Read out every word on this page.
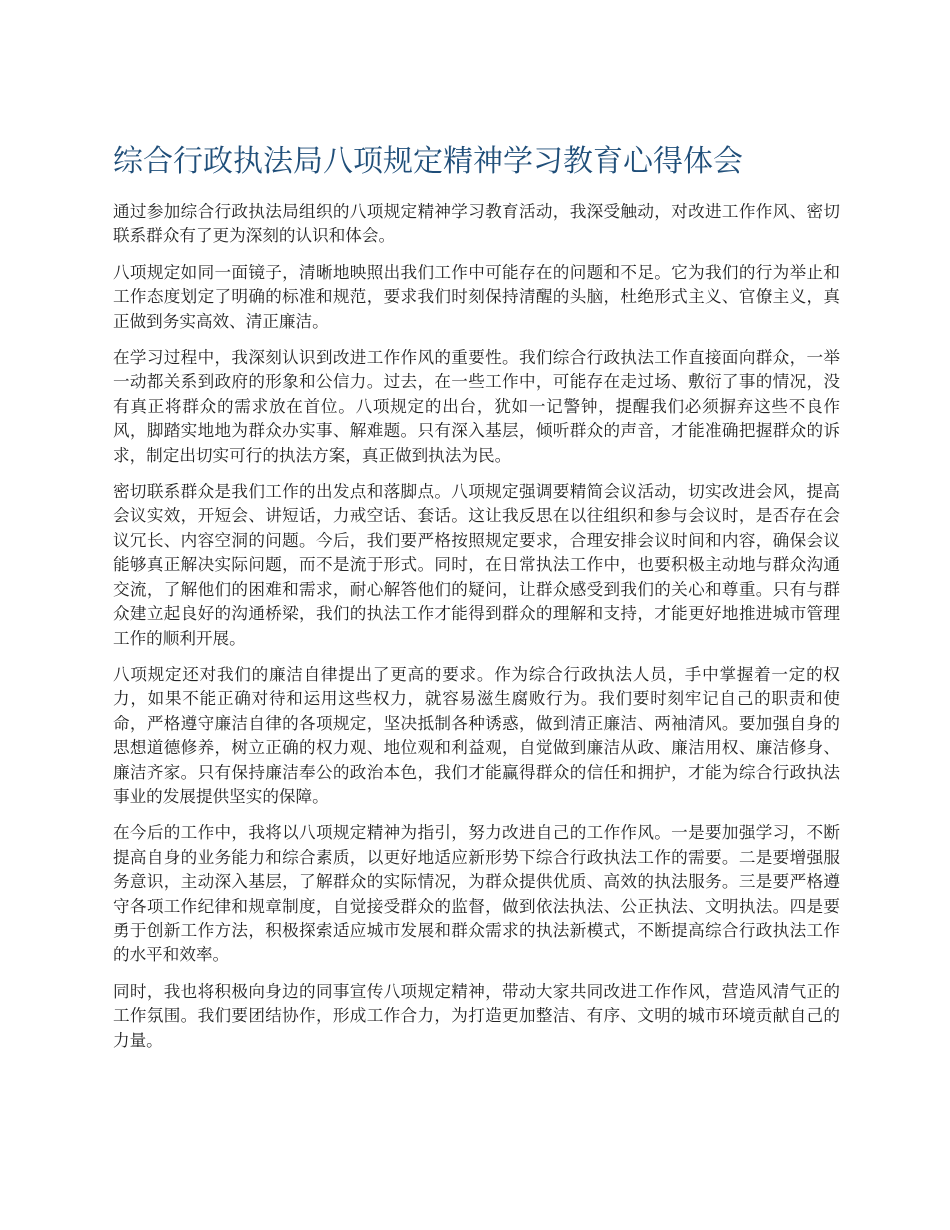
综合行政执法局八项规定精神学习教育心得体会

通过参加综合行政执法局组织的八项规定精神学习教育活动，我深受触动，对改进工作作风、密切联系群众有了更为深刻的认识和体会。

八项规定如同一面镜子，清晰地映照出我们工作中可能存在的问题和不足。它为我们的行为举止和工作态度划定了明确的标准和规范，要求我们时刻保持清醒的头脑，杜绝形式主义、官僚主义，真正做到务实高效、清正廉洁。

在学习过程中，我深刻认识到改进工作作风的重要性。我们综合行政执法工作直接面向群众，一举一动都关系到政府的形象和公信力。过去，在一些工作中，可能存在走过场、敷衍了事的情况，没有真正将群众的需求放在首位。八项规定的出台，犹如一记警钟，提醒我们必须摒弃这些不良作风，脚踏实地地为群众办实事、解难题。只有深入基层，倾听群众的声音，才能准确把握群众的诉求，制定出切实可行的执法方案，真正做到执法为民。

密切联系群众是我们工作的出发点和落脚点。八项规定强调要精简会议活动，切实改进会风，提高会议实效，开短会、讲短话，力戒空话、套话。这让我反思在以往组织和参与会议时，是否存在会议冗长、内容空洞的问题。今后，我们要严格按照规定要求，合理安排会议时间和内容，确保会议能够真正解决实际问题，而不是流于形式。同时，在日常执法工作中，也要积极主动地与群众沟通交流，了解他们的困难和需求，耐心解答他们的疑问，让群众感受到我们的关心和尊重。只有与群众建立起良好的沟通桥梁，我们的执法工作才能得到群众的理解和支持，才能更好地推进城市管理工作的顺利开展。

八项规定还对我们的廉洁自律提出了更高的要求。作为综合行政执法人员，手中掌握着一定的权力，如果不能正确对待和运用这些权力，就容易滋生腐败行为。我们要时刻牢记自己的职责和使命，严格遵守廉洁自律的各项规定，坚决抵制各种诱惑，做到清正廉洁、两袖清风。要加强自身的思想道德修养，树立正确的权力观、地位观和利益观，自觉做到廉洁从政、廉洁用权、廉洁修身、廉洁齐家。只有保持廉洁奉公的政治本色，我们才能赢得群众的信任和拥护，才能为综合行政执法事业的发展提供坚实的保障。

在今后的工作中，我将以八项规定精神为指引，努力改进自己的工作作风。一是要加强学习，不断提高自身的业务能力和综合素质，以更好地适应新形势下综合行政执法工作的需要。二是要增强服务意识，主动深入基层，了解群众的实际情况，为群众提供优质、高效的执法服务。三是要严格遵守各项工作纪律和规章制度，自觉接受群众的监督，做到依法执法、公正执法、文明执法。四是要勇于创新工作方法，积极探索适应城市发展和群众需求的执法新模式，不断提高综合行政执法工作的水平和效率。

同时，我也将积极向身边的同事宣传八项规定精神，带动大家共同改进工作作风，营造风清气正的工作氛围。我们要团结协作，形成工作合力，为打造更加整洁、有序、文明的城市环境贡献自己的力量。
